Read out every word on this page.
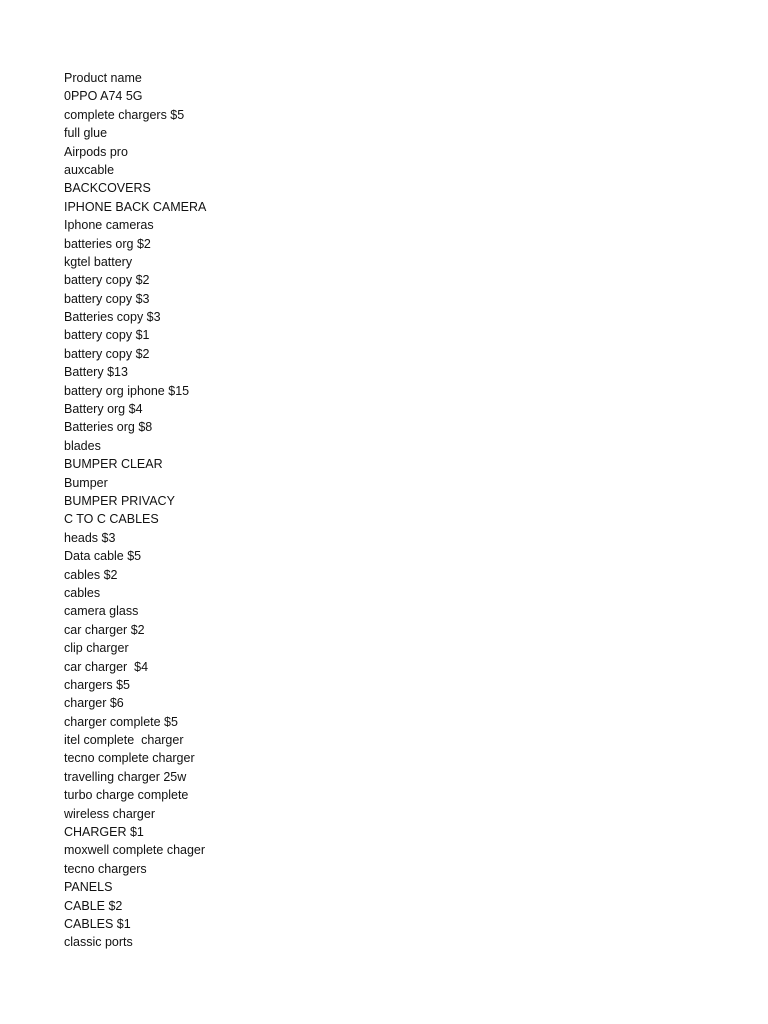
Product name
0PPO A74 5G
complete chargers $5
full glue
Airpods pro
auxcable
BACKCOVERS
IPHONE BACK CAMERA
Iphone cameras
batteries org $2
kgtel battery
battery copy $2
battery copy $3
Batteries copy $3
battery copy $1
battery copy $2
Battery $13
battery org iphone $15
Battery org $4
Batteries org $8
blades
BUMPER CLEAR
Bumper
BUMPER PRIVACY
C TO C CABLES
heads $3
Data cable $5
cables $2
cables
camera glass
car charger $2
clip charger
car charger  $4
chargers $5
charger $6
charger complete $5
itel complete  charger
tecno complete charger
travelling charger 25w
turbo charge complete
wireless charger
CHARGER $1
moxwell complete chager
tecno chargers
PANELS
CABLE $2
CABLES $1
classic ports
